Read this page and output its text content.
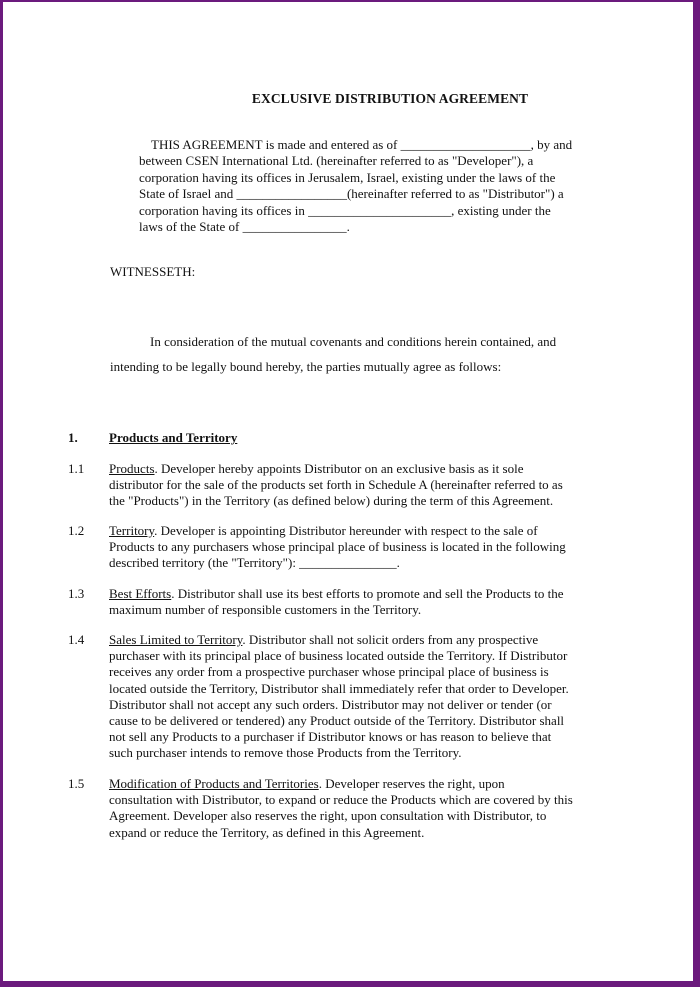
EXCLUSIVE DISTRIBUTION AGREEMENT
THIS AGREEMENT is made and entered as of ____________________, by and
between CSEN International Ltd. (hereinafter referred to as "Developer"), a
corporation having its offices in Jerusalem, Israel, existing under the laws of the
State of Israel and _________________(hereinafter referred to as "Distributor") a
corporation having its offices in ______________________, existing under the
laws of the State of ________________.
WITNESSETH:
In consideration of the mutual covenants and conditions herein contained, and
intending to be legally bound hereby, the parties mutually agree as follows:
1. Products and Territory
1.1 Products. Developer hereby appoints Distributor on an exclusive basis as it sole
distributor for the sale of the products set forth in Schedule A (hereinafter referred to as
the "Products") in the Territory (as defined below) during the term of this Agreement.
1.2 Territory. Developer is appointing Distributor hereunder with respect to the sale of
Products to any purchasers whose principal place of business is located in the following
described territory (the "Territory"): _______________.
1.3 Best Efforts. Distributor shall use its best efforts to promote and sell the Products to the
maximum number of responsible customers in the Territory.
1.4 Sales Limited to Territory. Distributor shall not solicit orders from any prospective
purchaser with its principal place of business located outside the Territory. If Distributor
receives any order from a prospective purchaser whose principal place of business is
located outside the Territory, Distributor shall immediately refer that order to Developer.
Distributor shall not accept any such orders. Distributor may not deliver or tender (or
cause to be delivered or tendered) any Product outside of the Territory. Distributor shall
not sell any Products to a purchaser if Distributor knows or has reason to believe that
such purchaser intends to remove those Products from the Territory.
1.5 Modification of Products and Territories. Developer reserves the right, upon
consultation with Distributor, to expand or reduce the Products which are covered by this
Agreement. Developer also reserves the right, upon consultation with Distributor, to
expand or reduce the Territory, as defined in this Agreement.
